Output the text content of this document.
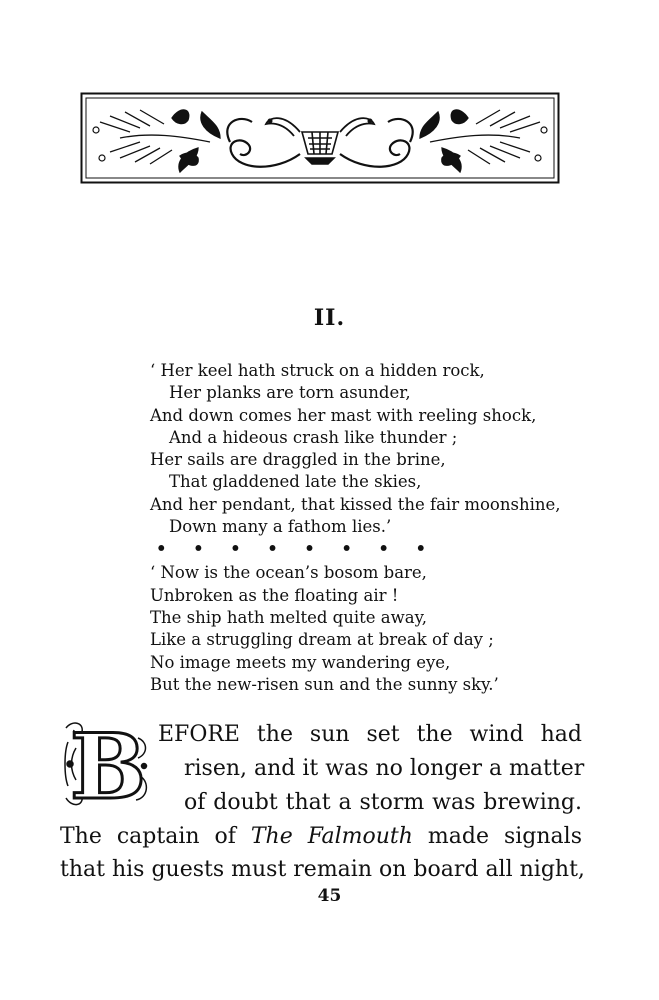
II.
‘ Her keel hath struck on a hidden rock,
Her planks are torn asunder,
And down comes her mast with reeling shock,
And a hideous crash like thunder ;
Her sails are draggled in the brine,
That gladdened late the skies,
And her pendant, that kissed the fair moonshine,
Down many a fathom lies.’
• • • • • • • •
‘ Now is the ocean’s bosom bare,
Unbroken as the floating air !
The ship hath melted quite away,
Like a struggling dream at break of day ;
No image meets my wandering eye,
But the new-risen sun and the sunny sky.’
B EFORE the sun set the wind had
risen, and it was no longer a matter
of doubt that a storm was brewing.
The captain of The Falmouth made signals
that his guests must remain on board all night,
45
